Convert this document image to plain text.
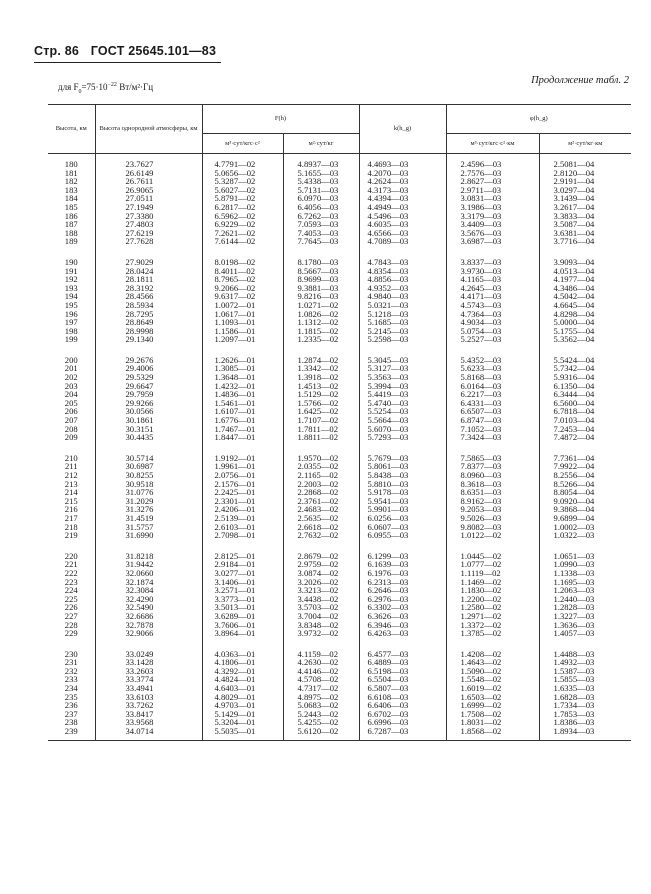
Стр. 86 ГОСТ 25645.101—83
Продолжение табл. 2
для $F_0=75\cdot 10^{-22}$ Вт/м²·Гц
Высота, км	Высота однородной атмосферы, км	F(h)		k(h_g)	φ(h_g)	
		м³·сут/кгс·с²	м²·сут/кг		м³·сут/кгс·с²·км	м²·сут/кг·км

180	23.7627	4.7791—02	4.8937—03	4.4693—03	2.4596—03	2.5081—04
181	26.6149	5.0656—02	5.1655—03	4.2070—03	2.7576—03	2.8120—04
182	26.7611	5.3287—02	5.4338—03	4.2624—03	2.8627—03	2.9191—04
183	26.9065	5.6027—02	5.7131—03	4.3173—03	2.9711—03	3.0297—04
184	27.0511	5.8791—02	6.0970—03	4.4394—03	3.0831—03	3.1439—04
185	27.1949	6.2817—02	6.4056—03	4.4949—03	3.1986—03	3.2617—04
186	27.3380	6.5962—02	6.7262—03	4.5496—03	3.3179—03	3.3833—04
187	27.4803	6.9229—02	7.0593—03	4.6035—03	3.4409—03	3.5087—04
188	27.6219	7.2621—02	7.4053—03	4.6566—03	3.5676—03	3.6381—04
189	27.7628	7.6144—02	7.7645—03	4.7089—03	3.6987—03	3.7716—04

190	27.9029	8.0198—02	8.1780—03	4.7843—03	3.8337—03	3.9093—04
191	28.0424	8.4011—02	8.5667—03	4.8354—03	3.9730—03	4.0513—04
192	28.1811	8.7965—02	8.9699—03	4.8856—03	4.1165—03	4.1977—04
193	28.3192	9.2066—02	9.3881—03	4.9352—03	4.2645—03	4.3486—04
194	28.4566	9.6317—02	9.8216—03	4.9840—03	4.4171—03	4.5042—04
195	28.5934	1.0072—01	1.0271—02	5.0321—03	4.5743—03	4.6645—04
196	28.7295	1.0617—01	1.0826—02	5.1218—03	4.7364—03	4.8298—04
197	28.8649	1.1093—01	1.1312—02	5.1685—03	4.9034—03	5.0000—04
198	28.9998	1.1586—01	1.1815—02	5.2145—03	5.0754—03	5.1755—04
199	29.1340	1.2097—01	1.2335—02	5.2598—03	5.2527—03	5.3562—04

200	29.2676	1.2626—01	1.2874—02	5.3045—03	5.4352—03	5.5424—04
201	29.4006	1.3085—01	1.3342—02	5.3127—03	5.6233—03	5.7342—04
202	29.5329	1.3648—01	1.3918—02	5.3563—03	5.8168—03	5.9316—04
203	29.6647	1.4232—01	1.4513—02	5.3994—03	6.0164—03	6.1350—04
204	29.7959	1.4836—01	1.5129—02	5.4419—03	6.2217—03	6.3444—04
205	29.9266	1.5461—01	1.5766—02	5.4740—03	6.4331—03	6.5600—04
206	30.0566	1.6107—01	1.6425—02	5.5254—03	6.6507—03	6.7818—04
207	30.1861	1.6776—01	1.7107—02	5.5664—03	6.8747—03	7.0103—04
208	30.3151	1.7467—01	1.7811—02	5.6070—03	7.1052—03	7.2453—04
209	30.4435	1.8447—01	1.8811—02	5.7293—03	7.3424—03	7.4872—04

210	30.5714	1.9192—01	1.9570—02	5.7679—03	7.5865—03	7.7361—04
211	30.6987	1.9961—01	2.0355—02	5.8061—03	7.8377—03	7.9922—04
212	30.8255	2.0756—01	2.1165—02	5.8438—03	8.0960—03	8.2556—04
213	30.9518	2.1576—01	2.2003—02	5.8810—03	8.3618—03	8.5266—04
214	31.0776	2.2425—01	2.2868—02	5.9178—03	8.6351—03	8.8054—04
215	31.2029	2.3301—01	2.3761—02	5.9541—03	8.9162—03	9.0920—04
216	31.3276	2.4206—01	2.4683—02	5.9901—03	9.2053—03	9.3868—04
217	31.4519	2.5139—01	2.5635—02	6.0256—03	9.5026—03	9.6899—04
218	31.5757	2.6103—01	2.6618—02	6.0607—03	9.8082—03	1.0002—03
219	31.6990	2.7098—01	2.7632—02	6.0955—03	1.0122—02	1.0322—03

220	31.8218	2.8125—01	2.8679—02	6.1299—03	1.0445—02	1.0651—03
221	31.9442	2.9184—01	2.9759—02	6.1639—03	1.0777—02	1.0990—03
222	32.0660	3.0277—01	3.0874—02	6.1976—03	1.1119—02	1.1338—03
223	32.1874	3.1406—01	3.2026—02	6.2313—03	1.1469—02	1.1695—03
224	32.3084	3.2571—01	3.3213—02	6.2646—03	1.1830—02	1.2063—03
225	32.4290	3.3773—01	3.4438—02	6.2976—03	1.2200—02	1.2440—03
226	32.5490	3.5013—01	3.5703—02	6.3302—03	1.2580—02	1.2828—03
227	32.6686	3.6289—01	3.7004—02	6.3626—03	1.2971—02	1.3227—03
228	32.7878	3.7606—01	3.8348—02	6.3946—03	1.3372—02	1.3636—03
229	32.9066	3.8964—01	3.9732—02	6.4263—03	1.3785—02	1.4057—03

230	33.0249	4.0363—01	4.1159—02	6.4577—03	1.4208—02	1.4488—03
231	33.1428	4.1806—01	4.2630—02	6.4889—03	1.4643—02	1.4932—03
232	33.2603	4.3292—01	4.4146—02	6.5198—03	1.5090—02	1.5387—03
233	33.3774	4.4824—01	4.5708—02	6.5504—03	1.5548—02	1.5855—03
234	33.4941	4.6403—01	4.7317—02	6.5807—03	1.6019—02	1.6335—03
235	33.6103	4.8029—01	4.8975—02	6.6108—03	1.6503—02	1.6828—03
236	33.7262	4.9703—01	5.0683—02	6.6406—03	1.6999—02	1.7334—03
237	33.8417	5.1429—01	5.2443—02	6.6702—03	1.7508—02	1.7853—03
238	33.9568	5.3204—01	5.4255—02	6.6996—03	1.8031—02	1.8386—03
239	34.0714	5.5035—01	5.6120—02	6.7287—03	1.8568—02	1.8934—03
